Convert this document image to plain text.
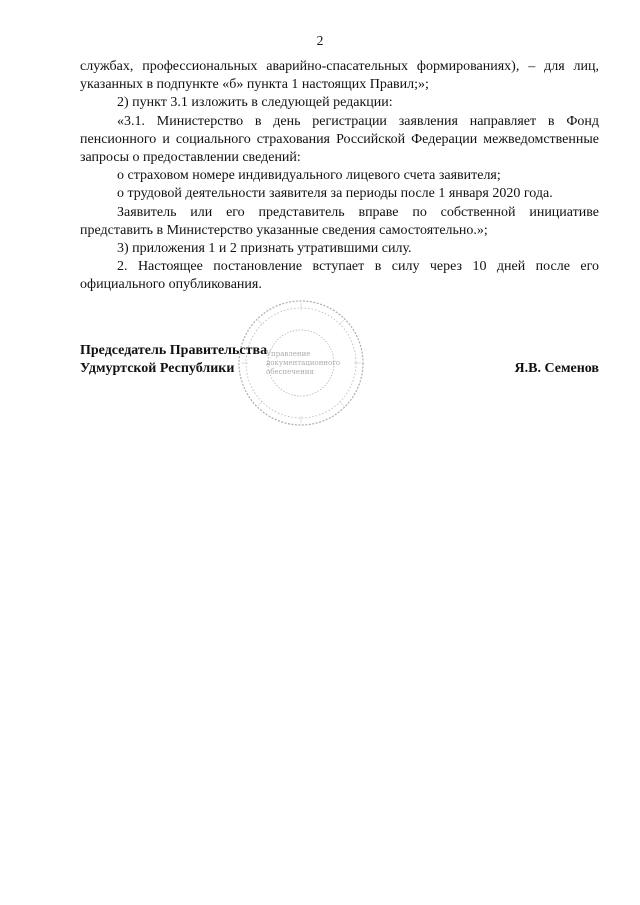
2

службах, профессиональных аварийно-спасательных формированиях), – для лиц, указанных в подпункте «б» пункта 1 настоящих Правил;»;

2) пункт 3.1 изложить в следующей редакции:

«3.1. Министерство в день регистрации заявления направляет в Фонд пенсионного и социального страхования Российской Федерации межведомственные запросы о предоставлении сведений:

о страховом номере индивидуального лицевого счета заявителя;

о трудовой деятельности заявителя за периоды после 1 января 2020 года.

Заявитель или его представитель вправе по собственной инициативе представить в Министерство указанные сведения самостоятельно.»;

3) приложения 1 и 2 признать утратившими силу.

2. Настоящее постановление вступает в силу через 10 дней после его официального опубликования.

Управление
документационного
обеспечения
Председатель Правительства
Удмуртской Республики	Я.В. Семенов
